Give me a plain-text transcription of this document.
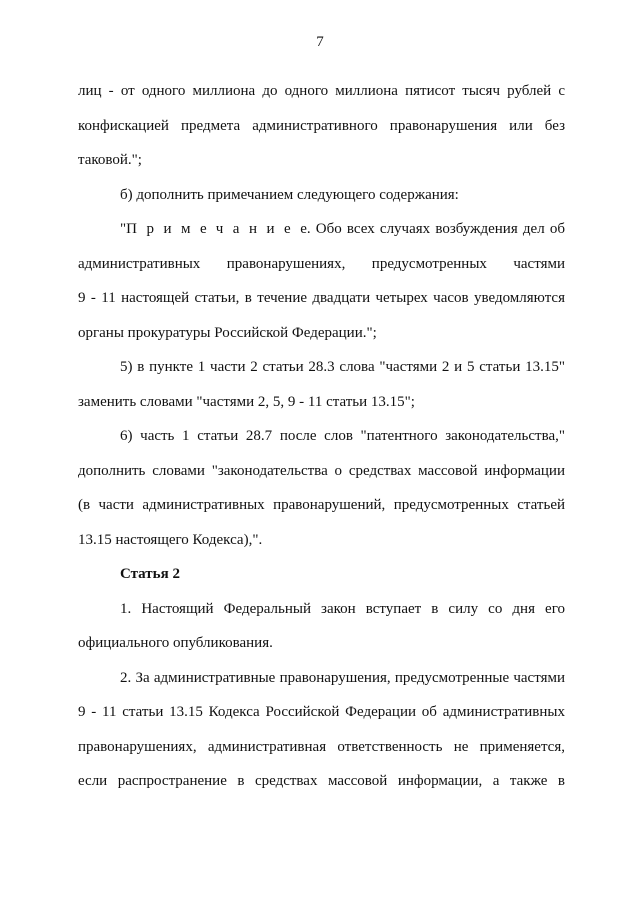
7
лиц - от одного миллиона до одного миллиона пятисот тысяч рублей с
конфискацией предмета административного правонарушения или без
таковой.";
б) дополнить примечанием следующего содержания:
"Примечаниее. Обо всех случаях возбуждения дел об
административных правонарушениях, предусмотренных частями
9 - 11 настоящей статьи, в течение двадцати четырех часов уведомляются
органы прокуратуры Российской Федерации.";
5) в пункте 1 части 2 статьи 28.3 слова "частями 2 и 5 статьи 13.15"
заменить словами "частями 2, 5, 9 - 11 статьи 13.15";
6) часть 1 статьи 28.7 после слов "патентного законодательства,"
дополнить словами "законодательства о средствах массовой информации
(в части административных правонарушений, предусмотренных статьей
13.15 настоящего Кодекса),".
Статья 2
1. Настоящий Федеральный закон вступает в силу со дня его
официального опубликования.
2. За административные правонарушения, предусмотренные частями
9 - 11 статьи 13.15 Кодекса Российской Федерации об административных
правонарушениях, административная ответственность не применяется,
если распространение в средствах массовой информации, а также в
